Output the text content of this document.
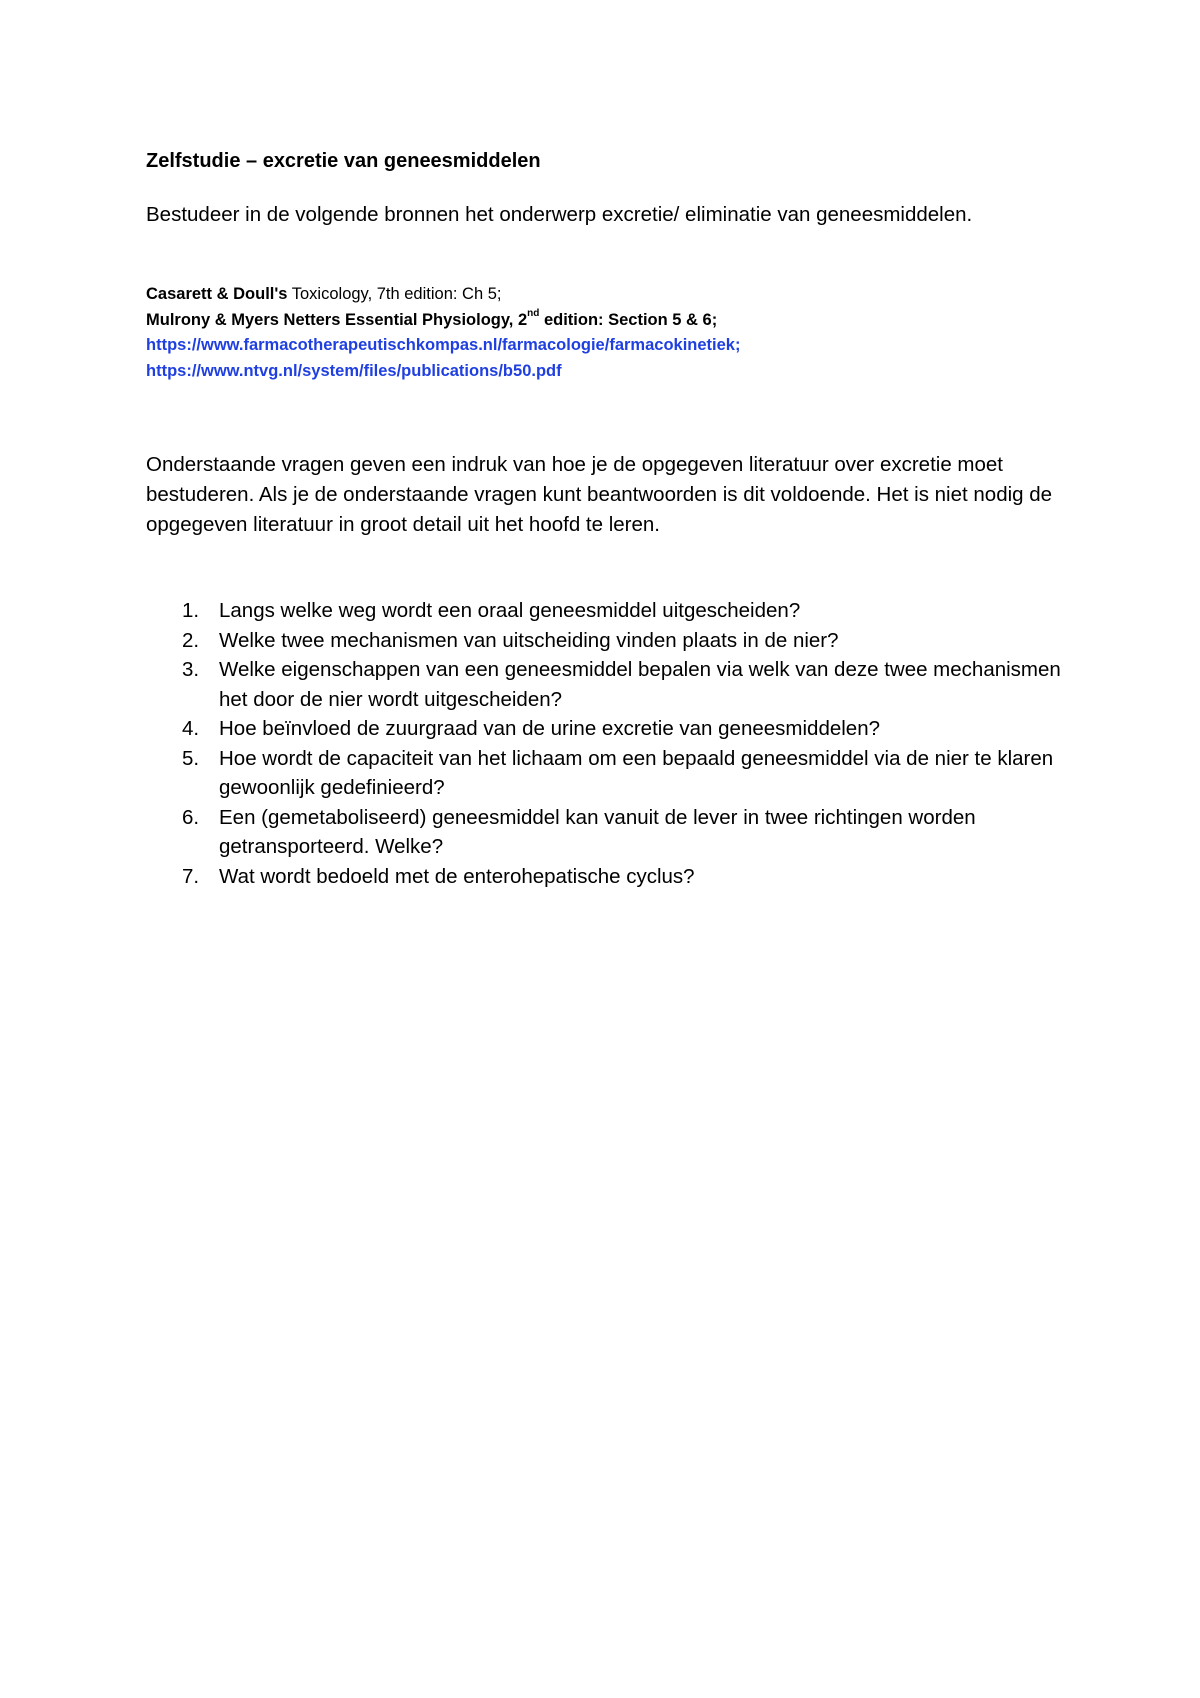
Zelfstudie – excretie van geneesmiddelen

Bestudeer in de volgende bronnen het onderwerp excretie/ eliminatie van geneesmiddelen.

Casarett & Doull's Toxicology, 7th edition: Ch 5;
Mulrony & Myers Netters Essential Physiology, 2nd edition: Section 5 & 6;
https://www.farmacotherapeutischkompas.nl/farmacologie/farmacokinetiek;
https://www.ntvg.nl/system/files/publications/b50.pdf

Onderstaande vragen geven een indruk van hoe je de opgegeven literatuur over excretie moet bestuderen. Als je de onderstaande vragen kunt beantwoorden is dit voldoende. Het is niet nodig de opgegeven literatuur in groot detail uit het hoofd te leren.

1. Langs welke weg wordt een oraal geneesmiddel uitgescheiden?
2. Welke twee mechanismen van uitscheiding vinden plaats in de nier?
3. Welke eigenschappen van een geneesmiddel bepalen via welk van deze twee mechanismen het door de nier wordt uitgescheiden?
4. Hoe beïnvloed de zuurgraad van de urine excretie van geneesmiddelen?
5. Hoe wordt de capaciteit van het lichaam om een bepaald geneesmiddel via de nier te klaren gewoonlijk gedefinieerd?
6. Een (gemetaboliseerd) geneesmiddel kan vanuit de lever in twee richtingen worden getransporteerd. Welke?
7. Wat wordt bedoeld met de enterohepatische cyclus?
